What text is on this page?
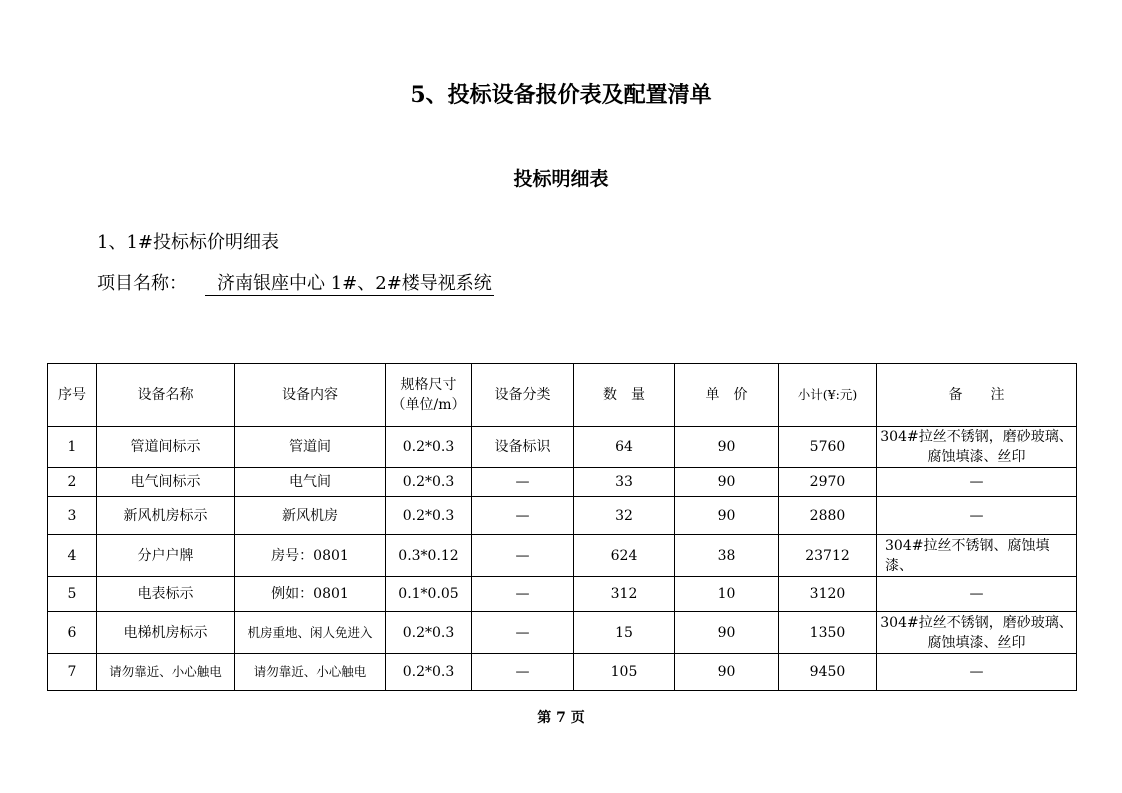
5、投标设备报价表及配置清单
投标明细表
1、1#投标标价明细表
项目名称： 济南银座中心 1#、2#楼导视系统
序号	设备名称	设备内容	规格尺寸（单位/m）	设备分类	数　量	单　价	小计(¥:元)	备　　注
1	管道间标示	管道间	0.2*0.3	设备标识	64	90	5760	304#拉丝不锈钢，磨砂玻璃、腐蚀填漆、丝印
2	电气间标示	电气间	0.2*0.3	—	33	90	2970	—
3	新风机房标示	新风机房	0.2*0.3	—	32	90	2880	—
4	分户户牌	房号：0801	0.3*0.12	—	624	38	23712	304#拉丝不锈钢、腐蚀填漆、
5	电表标示	例如：0801	0.1*0.05	—	312	10	3120	—
6	电梯机房标示	机房重地、闲人免进入	0.2*0.3	—	15	90	1350	304#拉丝不锈钢，磨砂玻璃、腐蚀填漆、丝印
7	请勿靠近、小心触电	请勿靠近、小心触电	0.2*0.3	—	105	90	9450	—
第 7 页
